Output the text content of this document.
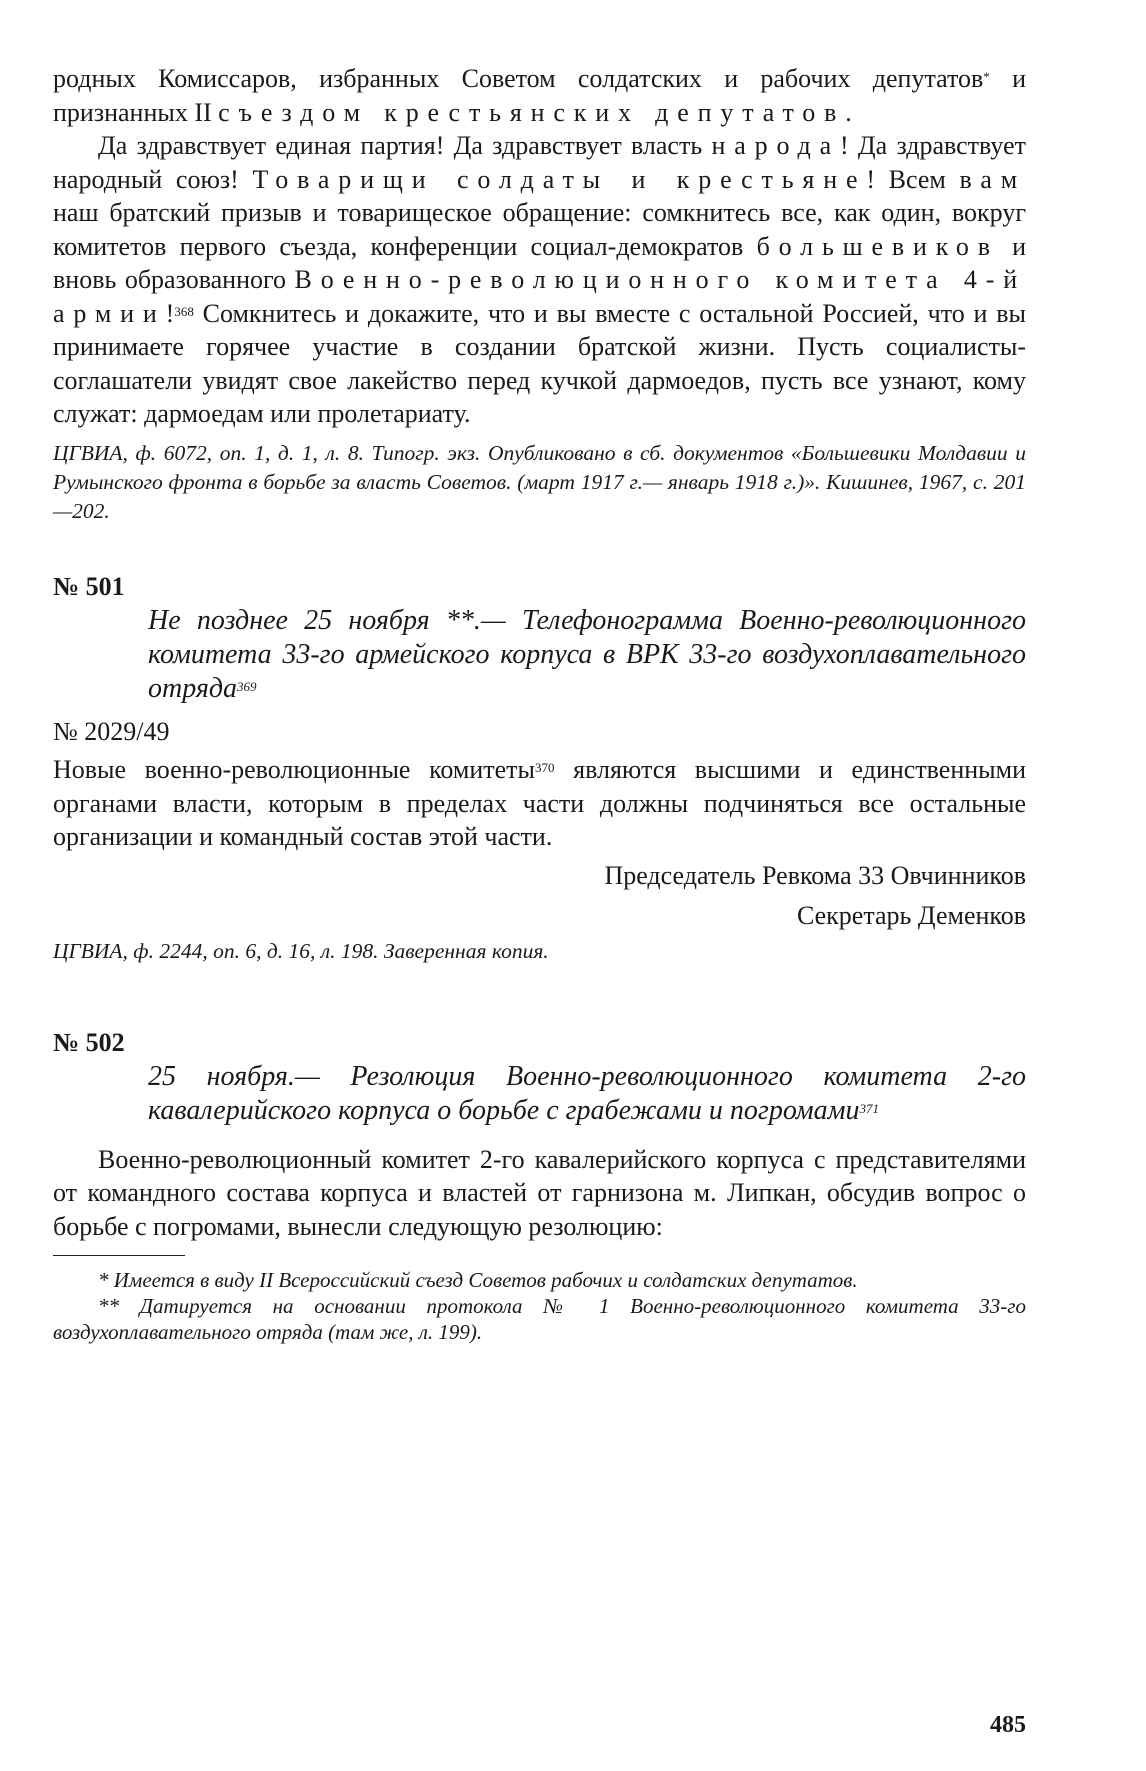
родных Комиссаров, избранных Советом солдатских и рабочих депутатов* и признанных II съездом крестьянских депутатов.

Да здравствует единая партия! Да здравствует власть народа! Да здравствует народный союз! Товарищи солдаты и крестьяне! Всем вам наш братский призыв и товарищеское обращение: сомкнитесь все, как один, вокруг комитетов первого съезда, конференции социал-демократов большевиков и вновь образованного Военно-революционного комитета 4-й армии!$^{368}$ Сомкнитесь и докажите, что и вы вместе с остальной Россией, что и вы принимаете горячее участие в создании братской жизни. Пусть социалисты-соглашатели увидят свое лакейство перед кучкой дармоедов, пусть все узнают, кому служат: дармоедам или пролетариату.

ЦГВИА, ф. 6072, оп. 1, д. 1, л. 8. Типогр. экз. Опубликовано в сб. документов «Большевики Молдавии и Румынского фронта в борьбе за власть Советов. (март 1917 г.— январь 1918 г.)». Кишинев, 1967, с. 201—202.

№ 501

Не позднее 25 ноября **.— Телефонограмма Военно-революционного комитета 33-го армейского корпуса в ВРК 33-го воздухоплавательного отряда$^{369}$

№ 2029/49

Новые военно-революционные комитеты$^{370}$ являются высшими и единственными органами власти, которым в пределах части должны подчиняться все остальные организации и командный состав этой части.

Председатель Ревкома 33 Овчинников

Секретарь Деменков

ЦГВИА, ф. 2244, оп. 6, д. 16, л. 198. Заверенная копия.

№ 502

25 ноября.— Резолюция Военно-революционного комитета 2-го кавалерийского корпуса о борьбе с грабежами и погромами$^{371}$

Военно-революционный комитет 2-го кавалерийского корпуса с представителями от командного состава корпуса и властей от гарнизона м. Липкан, обсудив вопрос о борьбе с погромами, вынесли следующую резолюцию:

* Имеется в виду II Всероссийский съезд Советов рабочих и солдатских депутатов.

** Датируется на основании протокола № 1 Военно-революционного комитета 33-го воздухоплавательного отряда (там же, л. 199).

485
